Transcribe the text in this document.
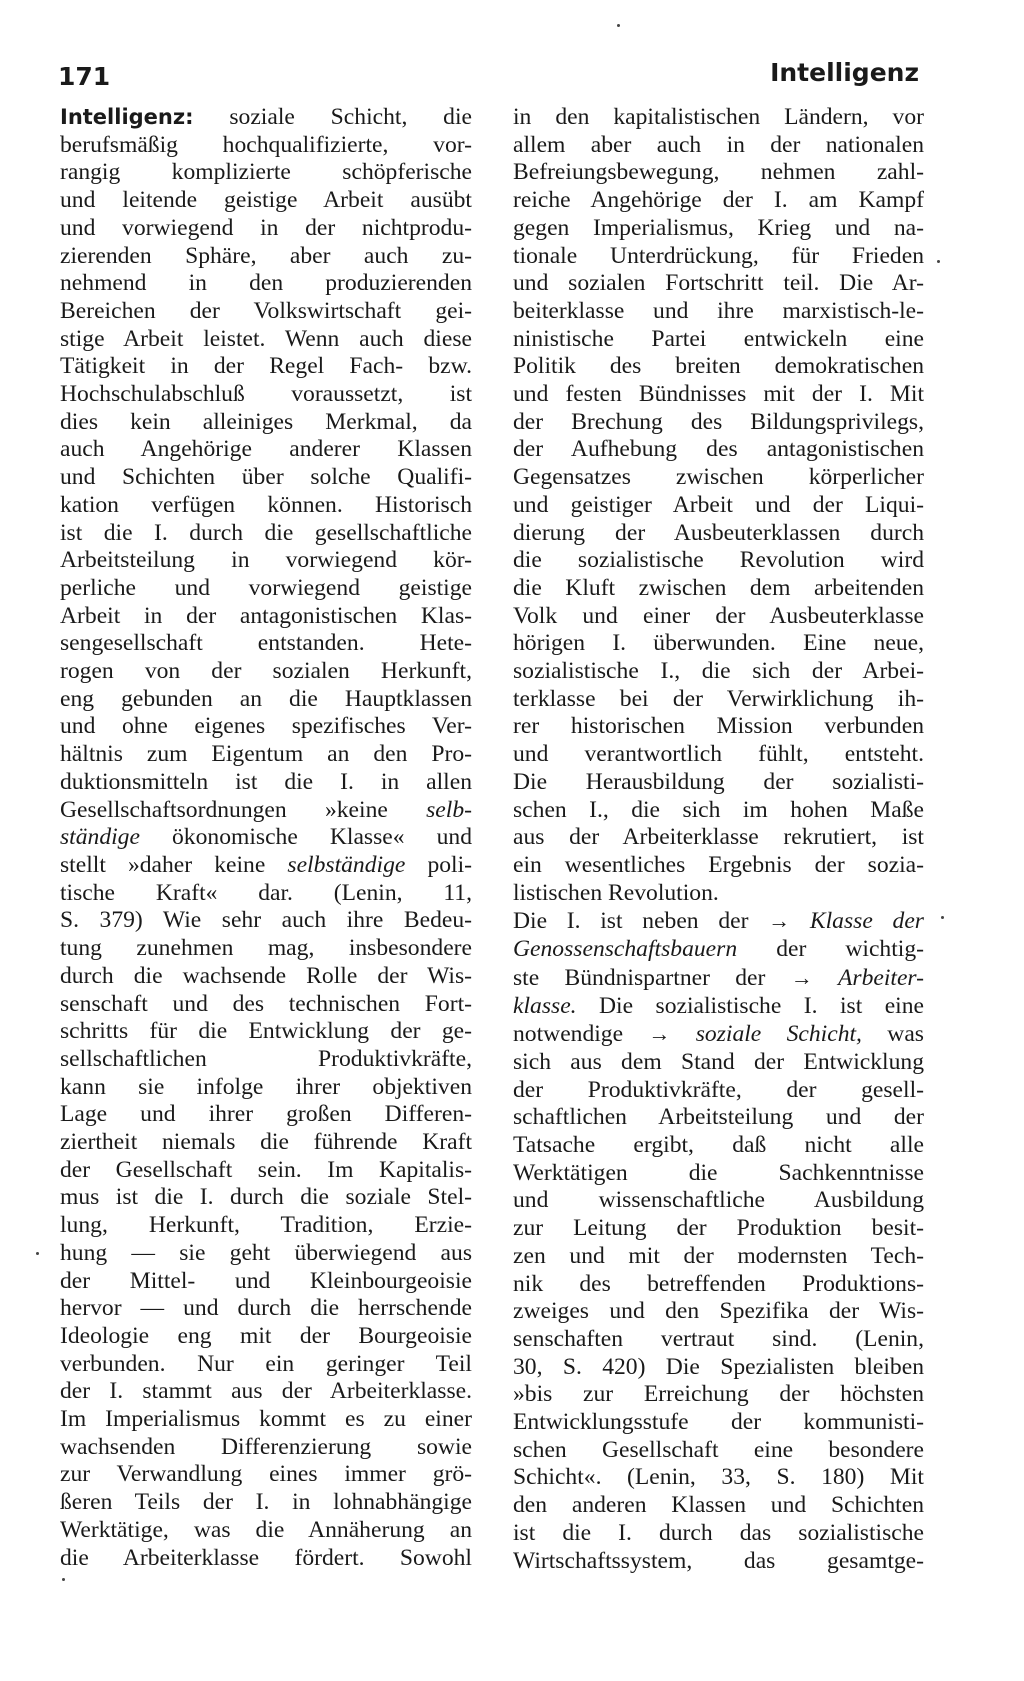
171	Intelligenz
Intelligenz: soziale Schicht, die
berufsmäßig hochqualifizierte, vor-
rangig komplizierte schöpferische
und leitende geistige Arbeit ausübt
und vorwiegend in der nichtprodu-
zierenden Sphäre, aber auch zu-
nehmend in den produzierenden
Bereichen der Volkswirtschaft gei-
stige Arbeit leistet. Wenn auch diese
Tätigkeit in der Regel Fach- bzw.
Hochschulabschluß voraussetzt, ist
dies kein alleiniges Merkmal, da
auch Angehörige anderer Klassen
und Schichten über solche Qualifi-
kation verfügen können. Historisch
ist die I. durch die gesellschaftliche
Arbeitsteilung in vorwiegend kör-
perliche und vorwiegend geistige
Arbeit in der antagonistischen Klas-
sengesellschaft entstanden. Hete-
rogen von der sozialen Herkunft,
eng gebunden an die Hauptklassen
und ohne eigenes spezifisches Ver-
hältnis zum Eigentum an den Pro-
duktionsmitteln ist die I. in allen
Gesellschaftsordnungen »keine selb-
ständige ökonomische Klasse« und
stellt »daher keine selbständige poli-
tische Kraft« dar. (Lenin, 11,
S. 379) Wie sehr auch ihre Bedeu-
tung zunehmen mag, insbesondere
durch die wachsende Rolle der Wis-
senschaft und des technischen Fort-
schritts für die Entwicklung der ge-
sellschaftlichen Produktivkräfte,
kann sie infolge ihrer objektiven
Lage und ihrer großen Differen-
ziertheit niemals die führende Kraft
der Gesellschaft sein. Im Kapitalis-
mus ist die I. durch die soziale Stel-
lung, Herkunft, Tradition, Erzie-
hung — sie geht überwiegend aus
der Mittel- und Kleinbourgeoisie
hervor — und durch die herrschende
Ideologie eng mit der Bourgeoisie
verbunden. Nur ein geringer Teil
der I. stammt aus der Arbeiterklasse.
Im Imperialismus kommt es zu einer
wachsenden Differenzierung sowie
zur Verwandlung eines immer grö-
ßeren Teils der I. in lohnabhängige
Werktätige, was die Annäherung an
die Arbeiterklasse fördert. Sowohl
in den kapitalistischen Ländern, vor
allem aber auch in der nationalen
Befreiungsbewegung, nehmen zahl-
reiche Angehörige der I. am Kampf
gegen Imperialismus, Krieg und na-
tionale Unterdrückung, für Frieden
und sozialen Fortschritt teil. Die Ar-
beiterklasse und ihre marxistisch-le-
ninistische Partei entwickeln eine
Politik des breiten demokratischen
und festen Bündnisses mit der I. Mit
der Brechung des Bildungsprivilegs,
der Aufhebung des antagonistischen
Gegensatzes zwischen körperlicher
und geistiger Arbeit und der Liqui-
dierung der Ausbeuterklassen durch
die sozialistische Revolution wird
die Kluft zwischen dem arbeitenden
Volk und einer der Ausbeuterklasse
hörigen I. überwunden. Eine neue,
sozialistische I., die sich der Arbei-
terklasse bei der Verwirklichung ih-
rer historischen Mission verbunden
und verantwortlich fühlt, entsteht.
Die Herausbildung der sozialisti-
schen I., die sich im hohen Maße
aus der Arbeiterklasse rekrutiert, ist
ein wesentliches Ergebnis der sozia-
listischen Revolution.
Die I. ist neben der → Klasse der
Genossenschaftsbauern der wichtig-
ste Bündnispartner der → Arbeiter-
klasse. Die sozialistische I. ist eine
notwendige → soziale Schicht, was
sich aus dem Stand der Entwicklung
der Produktivkräfte, der gesell-
schaftlichen Arbeitsteilung und der
Tatsache ergibt, daß nicht alle
Werktätigen die Sachkenntnisse
und wissenschaftliche Ausbildung
zur Leitung der Produktion besit-
zen und mit der modernsten Tech-
nik des betreffenden Produktions-
zweiges und den Spezifika der Wis-
senschaften vertraut sind. (Lenin,
30, S. 420) Die Spezialisten bleiben
»bis zur Erreichung der höchsten
Entwicklungsstufe der kommunisti-
schen Gesellschaft eine besondere
Schicht«. (Lenin, 33, S. 180) Mit
den anderen Klassen und Schichten
ist die I. durch das sozialistische
Wirtschaftssystem, das gesamtge-
